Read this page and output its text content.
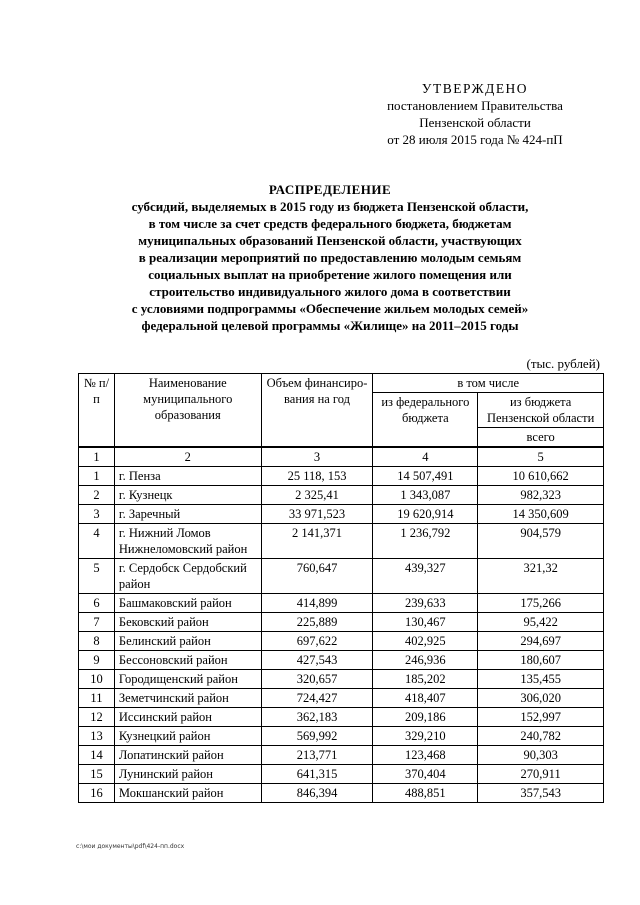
УТВЕРЖДЕНО
постановлением Правительства
Пензенской области
от 28 июля 2015 года № 424-пП
РАСПРЕДЕЛЕНИЕ
субсидий, выделяемых в 2015 году из бюджета Пензенской области,
в том числе за счет средств федерального бюджета, бюджетам
муниципальных образований Пензенской области, участвующих
в реализации мероприятий по предоставлению молодым семьям
социальных выплат на приобретение жилого помещения или
строительство индивидуального жилого дома в соответствии
с условиями подпрограммы «Обеспечение жильем молодых семей»
федеральной целевой программы «Жилище» на 2011–2015 годы
(тыс. рублей)
№ п/п	Наименование муниципального образования	Объем финансиро-вания на год	в том числе	
			из федерального бюджета	из бюджета Пензенской области
				всего
1	2	3	4	5
1	г. Пенза	25 118, 153	14 507,491	10 610,662
2	г. Кузнецк	2 325,41	1 343,087	982,323
3	г. Заречный	33 971,523	19 620,914	14 350,609
4	г. Нижний Ломов Нижнеломовский район	2 141,371	1 236,792	904,579
5	г. Сердобск Сердобский район	760,647	439,327	321,32
6	Башмаковский район	414,899	239,633	175,266
7	Бековский район	225,889	130,467	95,422
8	Белинский район	697,622	402,925	294,697
9	Бессоновский район	427,543	246,936	180,607
10	Городищенский район	320,657	185,202	135,455
11	Земетчинский район	724,427	418,407	306,020
12	Иссинский район	362,183	209,186	152,997
13	Кузнецкий район	569,992	329,210	240,782
14	Лопатинский район	213,771	123,468	90,303
15	Лунинский район	641,315	370,404	270,911
16	Мокшанский район	846,394	488,851	357,543
c:\мои документы\pdf\424-пп.docx
